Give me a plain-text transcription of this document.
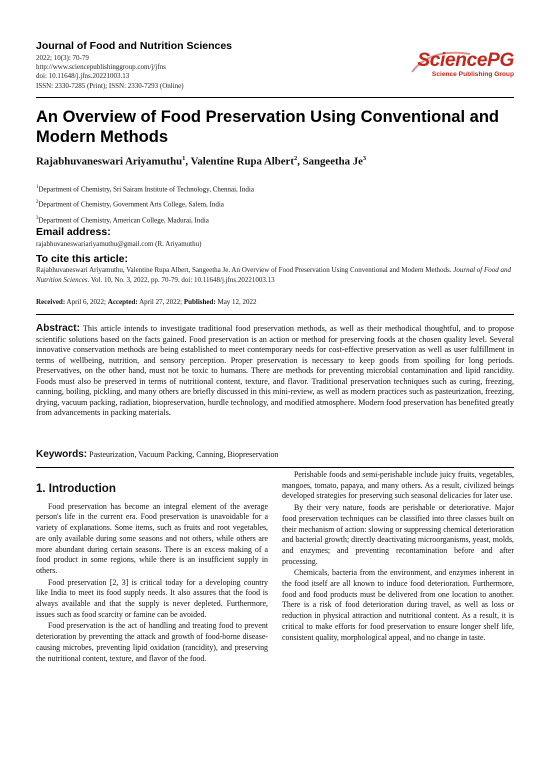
Journal of Food and Nutrition Sciences
2022; 10(3): 70-79
http://www.sciencepublishinggroup.com/j/jfns
doi: 10.11648/j.jfns.20221003.13
ISSN: 2330-7285 (Print); ISSN: 2330-7293 (Online)
SciencePG
Science Publishing Group
An Overview of Food Preservation Using Conventional and Modern Methods
Rajabhuvaneswari Ariyamuthu$^1$, Valentine Rupa Albert$^2$, Sangeetha Je$^3$
$^1$Department of Chemistry, Sri Sairam Institute of Technology, Chennai, India
$^2$Department of Chemistry, Government Arts College, Salem, India
$^3$Department of Chemistry, American College, Madurai, India
Email address:
rajabhuvaneswariariyamuthu@gmail.com (R. Ariyamuthu)
To cite this article:
Rajabhuvaneswari Ariyamuthu, Valentine Rupa Albert, Sangeetha Je. An Overview of Food Preservation Using Conventional and Modern Methods. Journal of Food and Nutrition Sciences. Vol. 10, No. 3, 2022, pp. 70-79. doi: 10.11648/j.jfns.20221003.13
Received: April 6, 2022; Accepted: April 27, 2022; Published: May 12, 2022
Abstract: This article intends to investigate traditional food preservation methods, as well as their methodical thoughtful, and to propose scientific solutions based on the facts gained. Food preservation is an action or method for preserving foods at the chosen quality level. Several innovative conservation methods are being established to meet contemporary needs for cost-effective preservation as well as user fulfillment in terms of wellbeing, nutrition, and sensory perception. Proper preservation is necessary to keep goods from spoiling for long periods. Preservatives, on the other hand, must not be toxic to humans. There are methods for preventing microbial contamination and lipid rancidity. Foods must also be preserved in terms of nutritional content, texture, and flavor. Traditional preservation techniques such as curing, freezing, canning, boiling, pickling, and many others are briefly discussed in this mini-review, as well as modern practices such as pasteurization, freezing, drying, vacuum packing, radiation, biopreservation, hurdle technology, and modified atmosphere. Modern food preservation has benefited greatly from advancements in packing materials.
Keywords: Pasteurization, Vacuum Packing, Canning, Biopreservation
1. Introduction

Food preservation has become an integral element of the average person's life in the current era. Food preservation is unavoidable for a variety of explanations. Some items, such as fruits and root vegetables, are only available during some seasons and not others, while others are more abundant during certain seasons. There is an excess making of a food product in some regions, while there is an insufficient supply in others.

Food preservation [2, 3] is critical today for a developing country like India to meet its food supply needs. It also assures that the food is always available and that the supply is never depleted. Furthermore, issues such as food scarcity or famine can be avoided.

Food preservation is the act of handling and treating food to prevent deterioration by preventing the attack and growth of food-borne disease-causing microbes, preventing lipid oxidation (rancidity), and preserving the nutritional content, texture, and flavor of the food.

Perishable foods and semi-perishable include juicy fruits, vegetables, mangoes, tomato, papaya, and many others. As a result, civilized beings developed strategies for preserving such seasonal delicacies for later use.

By their very nature, foods are perishable or deteriorative. Major food preservation techniques can be classified into three classes built on their mechanism of action: slowing or suppressing chemical deterioration and bacterial growth; directly deactivating microorganisms, yeast, molds, and enzymes; and preventing recontamination before and after processing.

Chemicals, bacteria from the environment, and enzymes inherent in the food itself are all known to induce food deterioration. Furthermore, food and food products must be delivered from one location to another. There is a risk of food deterioration during travel, as well as loss or reduction in physical attraction and nutritional content. As a result, it is critical to make efforts for food preservation to ensure longer shelf life, consistent quality, morphological appeal, and no change in taste.
